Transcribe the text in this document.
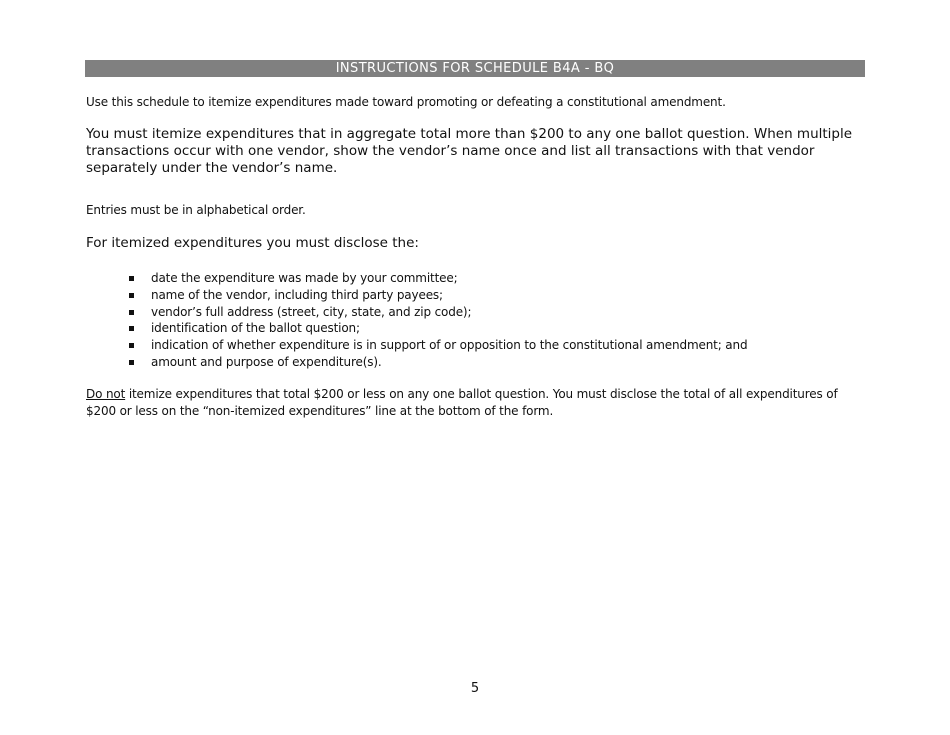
INSTRUCTIONS FOR SCHEDULE B4A - BQ

Use this schedule to itemize expenditures made toward promoting or defeating a constitutional amendment.

You must itemize expenditures that in aggregate total more than $200 to any one ballot question. When multiple transactions occur with one vendor, show the vendor’s name once and list all transactions with that vendor separately under the vendor’s name.

Entries must be in alphabetical order.

For itemized expenditures you must disclose the:

date the expenditure was made by your committee;
name of the vendor, including third party payees;
vendor’s full address (street, city, state, and zip code);
identification of the ballot question;
indication of whether expenditure is in support of or opposition to the constitutional amendment; and
amount and purpose of expenditure(s).

Do not itemize expenditures that total $200 or less on any one ballot question. You must disclose the total of all expenditures of $200 or less on the “non-itemized expenditures” line at the bottom of the form.

5
